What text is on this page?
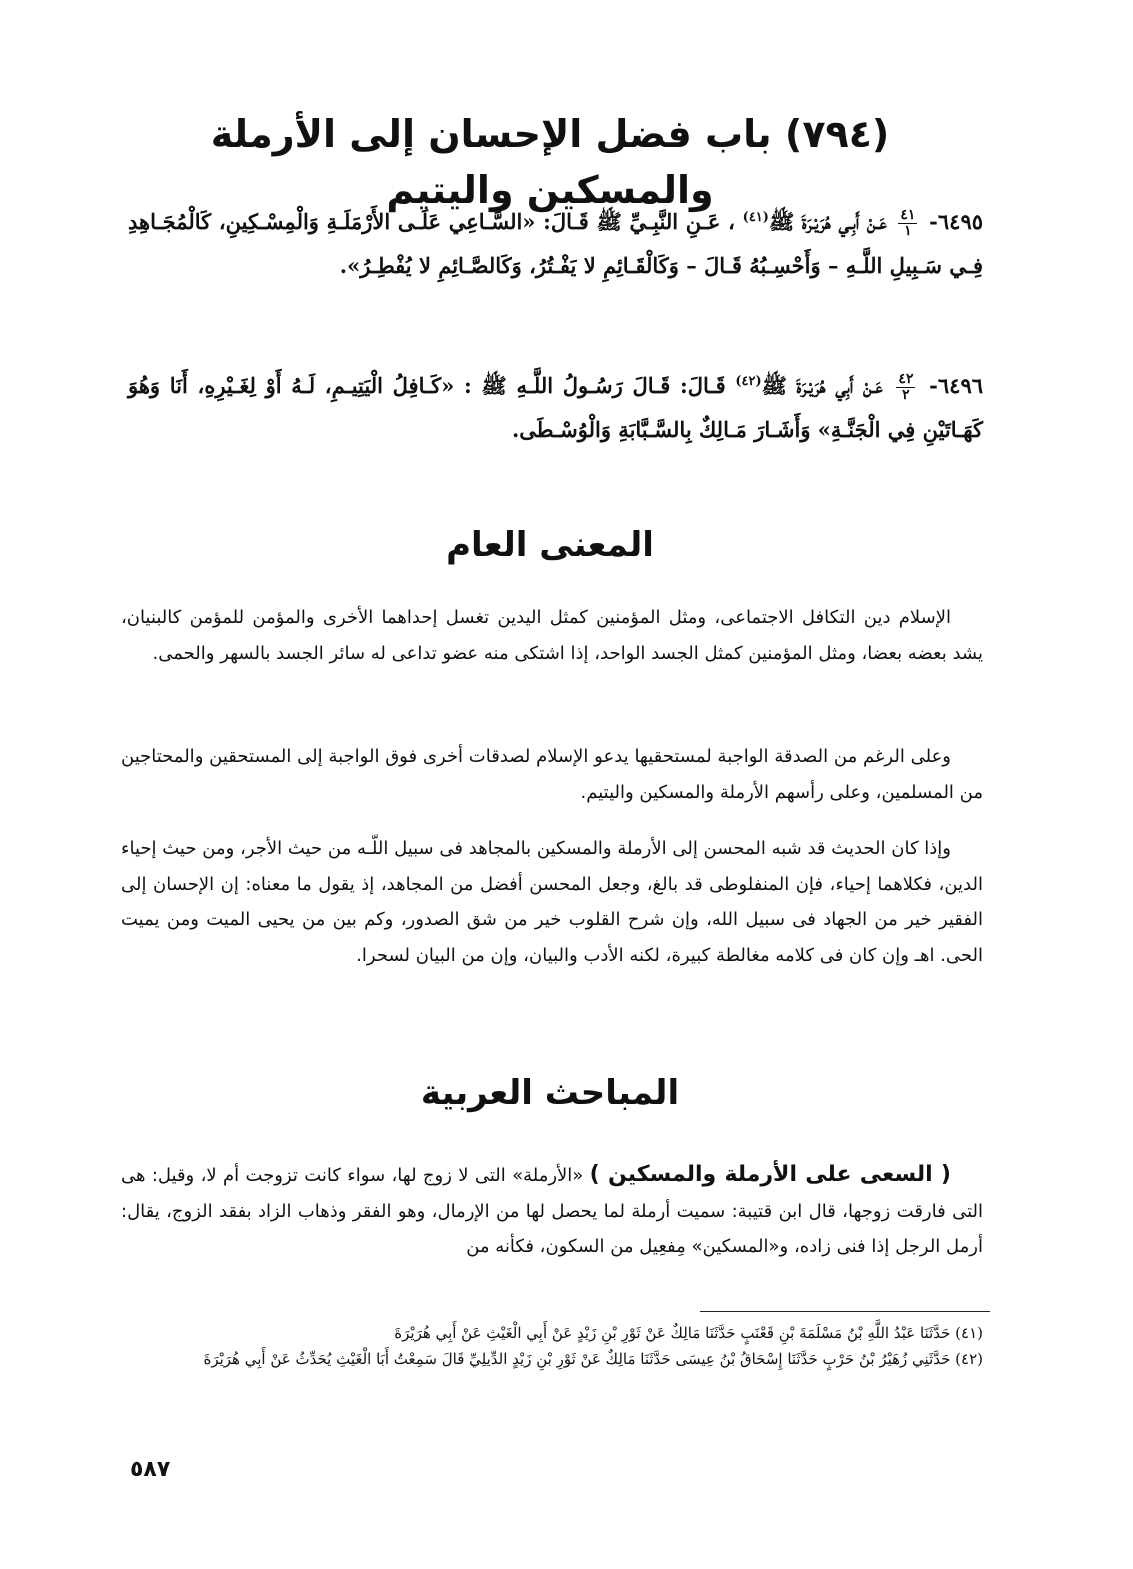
(٧٩٤) باب فضل الإحسان إلى الأرملة والمسكين واليتيم

٦٤٩٥-
$\frac{٤١}{١}$
عَـنْ أَبِـي هُرَيْـرَةَ ﷺ$^{(٤١)}$ ، عَـنِ النَّبِـيِّ ﷺ قَـالَ: «السَّـاعِي عَلَـى الأَرْمَلَـةِ وَالْمِسْـكِينِ، كَالْمُجَـاهِدِ فِـي سَـبِيلِ اللَّـهِ – وَأَحْسِـبُهُ قَـالَ – وَكَالْقَـائِمِ لا يَفْـتُرُ، وَكَالصَّـائِمِ لا يُفْطِـرُ».

٦٤٩٦-
$\frac{٤٢}{٢}$
عَـنْ أَبِي هُرَيْـرَةَ ﷺ$^{(٤٢)}$ قَـالَ: قَـالَ رَسُـولُ اللَّـهِ ﷺ : «كَـافِلُ الْيَتِيـمِ، لَـهُ أَوْ لِغَـيْرِهِ، أَنَا وَهُوَ كَهَـاتَيْنِ فِي الْجَنَّـةِ» وَأَشَـارَ مَـالِكٌ بِالسَّـبَّابَةِ وَالْوُسْـطَى.

المعنى العام

الإسلام دين التكافل الاجتماعى، ومثل المؤمنين كمثل اليدين تغسل إحداهما الأخرى والمؤمن للمؤمن كالبنيان، يشد بعضه بعضا، ومثل المؤمنين كمثل الجسد الواحد، إذا اشتكى منه عضو تداعى له سائر الجسد بالسهر والحمى.

وعلى الرغم من الصدقة الواجبة لمستحقيها يدعو الإسلام لصدقات أخرى فوق الواجبة إلى المستحقين والمحتاجين من المسلمين، وعلى رأسهم الأرملة والمسكين واليتيم.

وإذا كان الحديث قد شبه المحسن إلى الأرملة والمسكين بالمجاهد فى سبيل اللّـه من حيث الأجر، ومن حيث إحياء الدين، فكلاهما إحياء، فإن المنفلوطى قد بالغ، وجعل المحسن أفضل من المجاهد، إذ يقول ما معناه: إن الإحسان إلى الفقير خير من الجهاد فى سبيل الله، وإن شرح القلوب خير من شق الصدور، وكم بين من يحيى الميت ومن يميت الحى. اهـ وإن كان فى كلامه مغالطة كبيرة، لكنه الأدب والبيان، وإن من البيان لسحرا.

المباحث العربية

( السعى على الأرملة والمسكين ) «الأرملة» التى لا زوج لها، سواء كانت تزوجت أم لا، وقيل: هى التى فارقت زوجها، قال ابن قتيبة: سميت أرملة لما يحصل لها من الإرمال، وهو الفقر وذهاب الزاد بفقد الزوج، يقال: أرمل الرجل إذا فنى زاده، و«المسكين» مِفعِيل من السكون، فكأنه من

(٤١) حَدَّثَنَا عَبْدُ اللَّهِ بْنُ مَسْلَمَةَ بْنِ قَعْنَبٍ حَدَّثَنَا مَالِكٌ عَنْ ثَوْرِ بْنِ زَيْدٍ عَنْ أَبِي الْغَيْثِ عَنْ أَبِي هُرَيْرَةَ
(٤٢) حَدَّثَنِي زُهَيْرُ بْنُ حَرْبٍ حَدَّثَنَا إِسْحَاقُ بْنُ عِيسَى حَدَّثَنَا مَالِكٌ عَنْ ثَوْرِ بْنِ زَيْدٍ الدِّيلِيِّ قَالَ سَمِعْتُ أَبَا الْغَيْثِ يُحَدِّثُ عَنْ أَبِي هُرَيْرَةَ
٥٨٧
